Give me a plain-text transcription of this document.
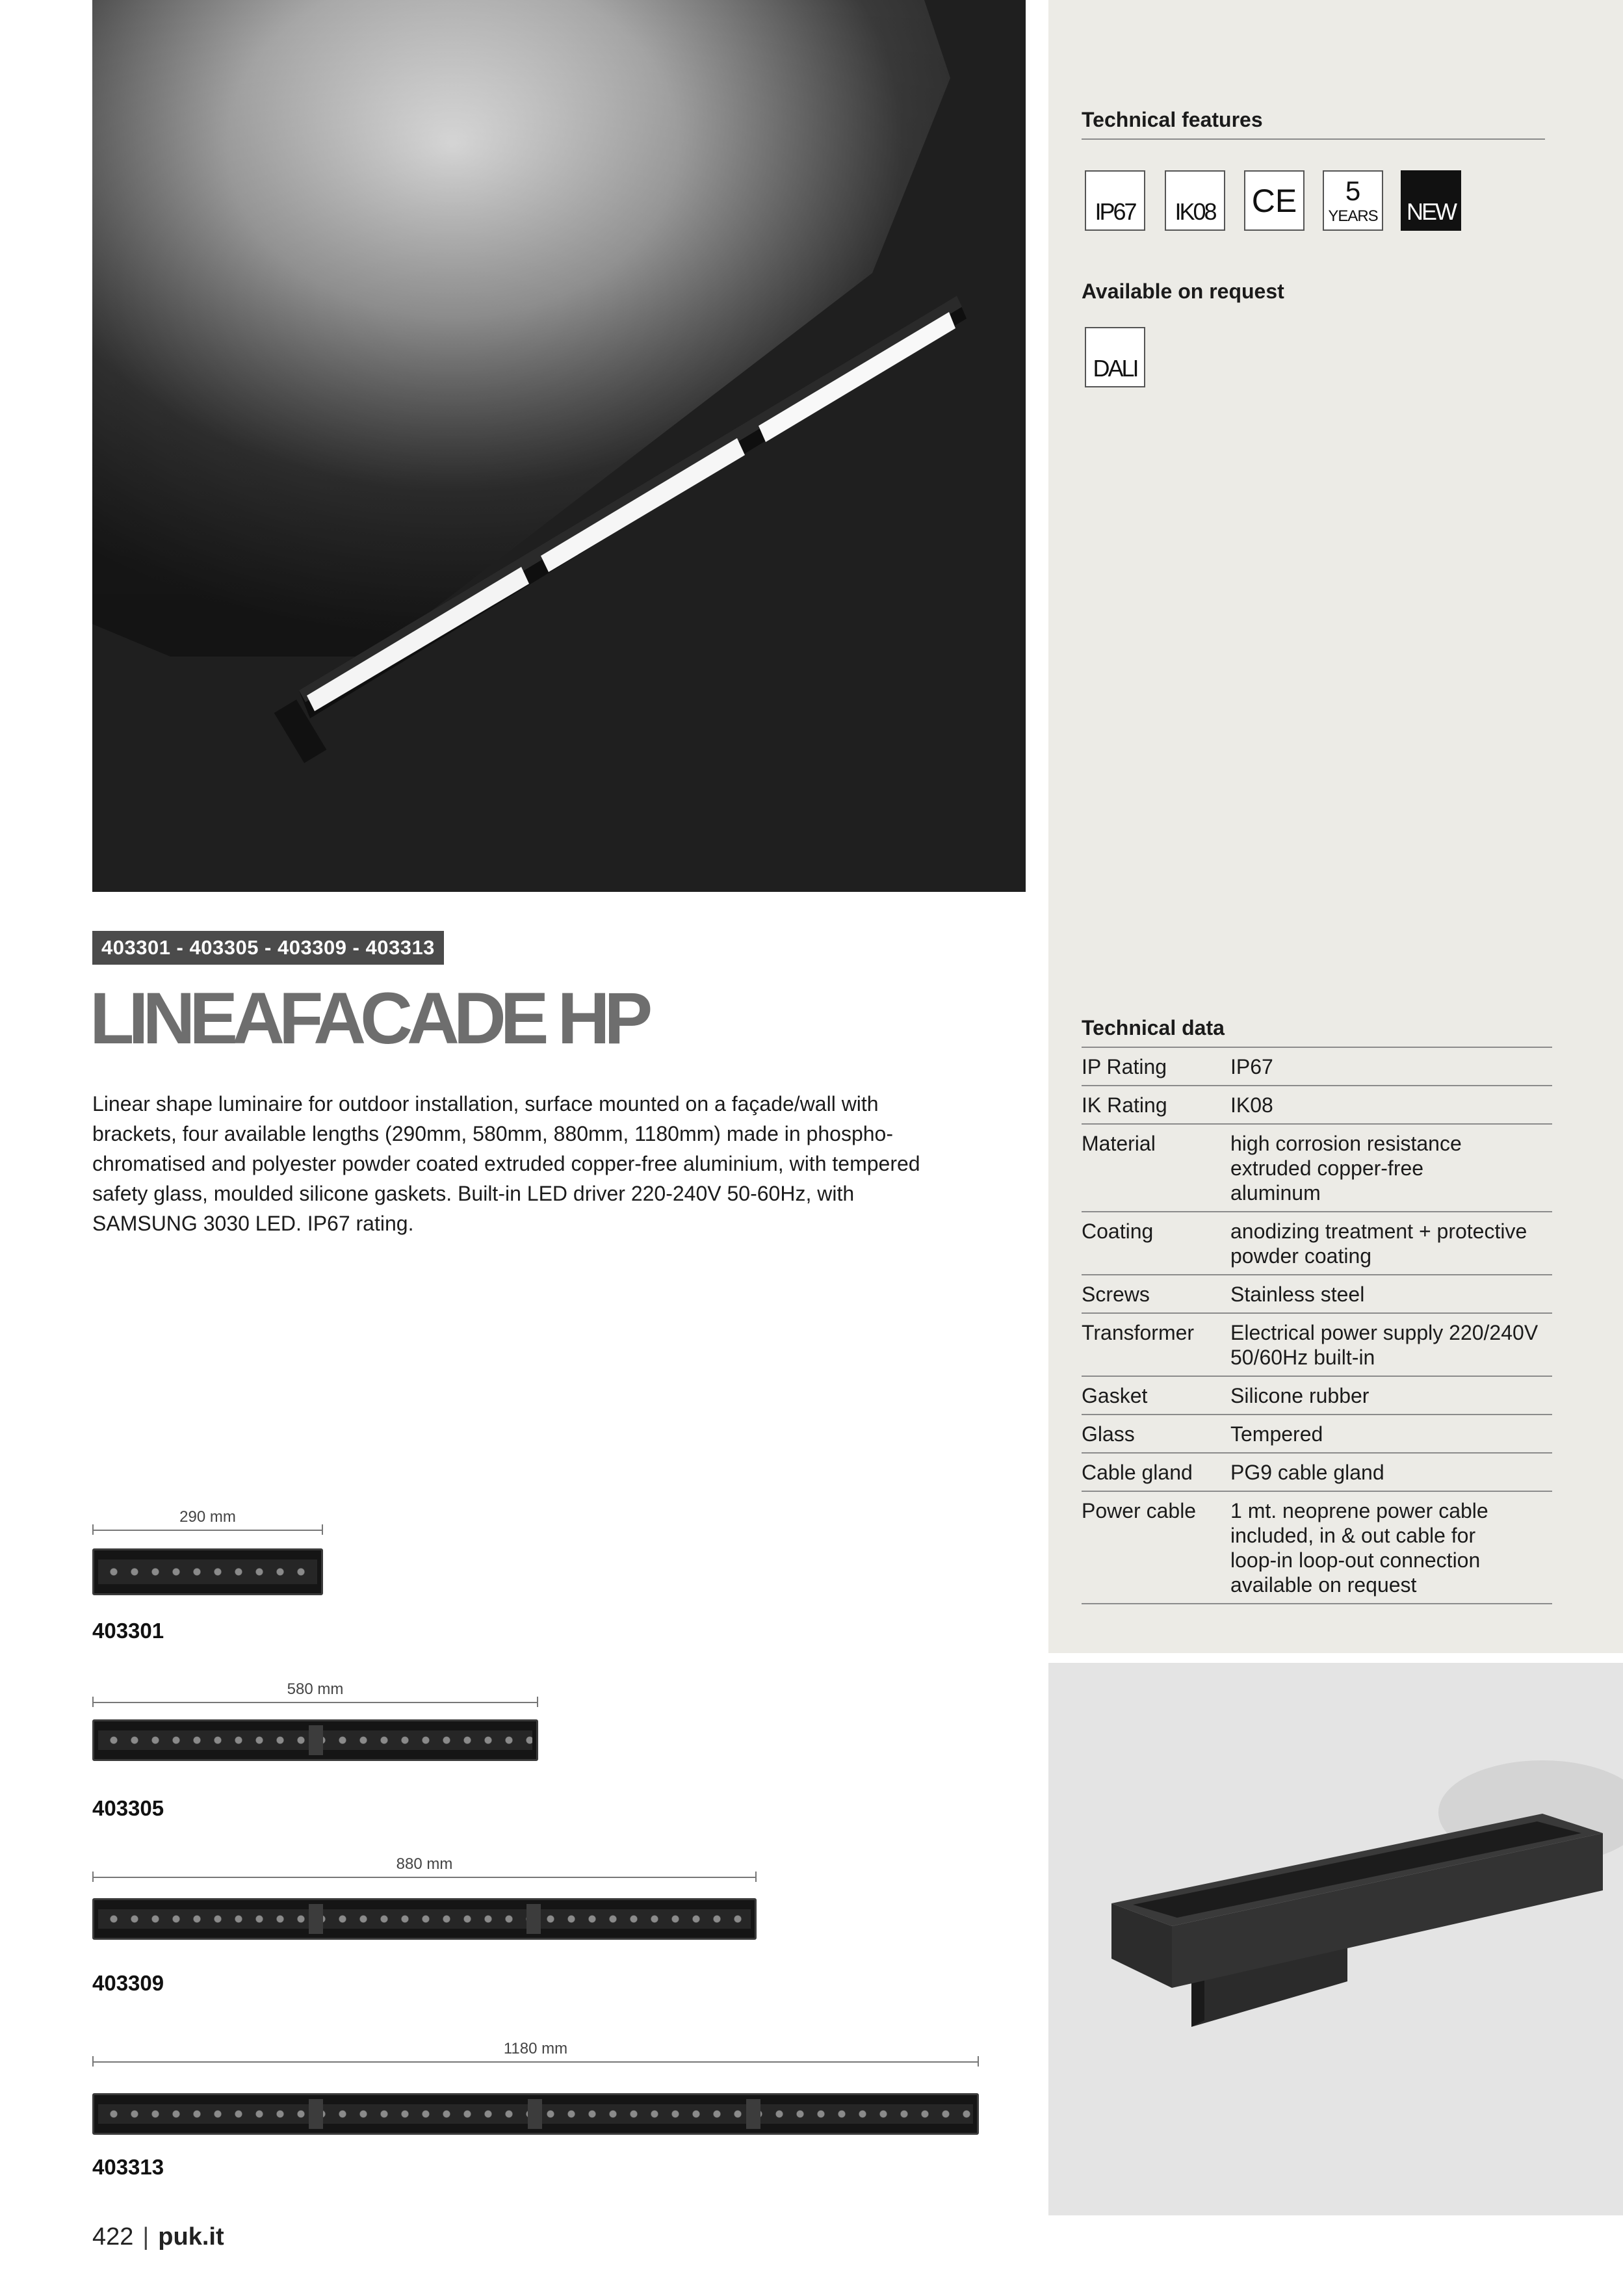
Technical features
IP67 IK08 CE	5
YEARS NEW
Available on request
DALI
403301 - 403305 - 403309 - 403313
LINEAFACADE HP
Linear shape luminaire for outdoor installation, surface mounted on a façade/wall with brackets, four available lengths (290mm, 580mm, 880mm, 1180mm) made in phospho-chromatised and polyester powder coated extruded copper-free aluminium, with tempered safety glass, moulded silicone gaskets. Built-in LED driver 220-240V 50-60Hz, with SAMSUNG 3030 LED. IP67 rating.
Technical data
IP Rating	IP67
IK Rating	IK08
Material	high corrosion resistance extruded copper-free aluminum
Coating	anodizing treatment + protective powder coating
Screws	Stainless steel
Transformer	Electrical power supply 220/240V 50/60Hz built-in
Gasket	Silicone rubber
Glass	Tempered
Cable gland	PG9 cable gland
Power cable	1 mt. neoprene power cable included, in & out cable for loop-in loop-out connection available on request
290 mm
403301
580 mm
403305
880 mm
403309
1180 mm
403313
422 | puk.it
